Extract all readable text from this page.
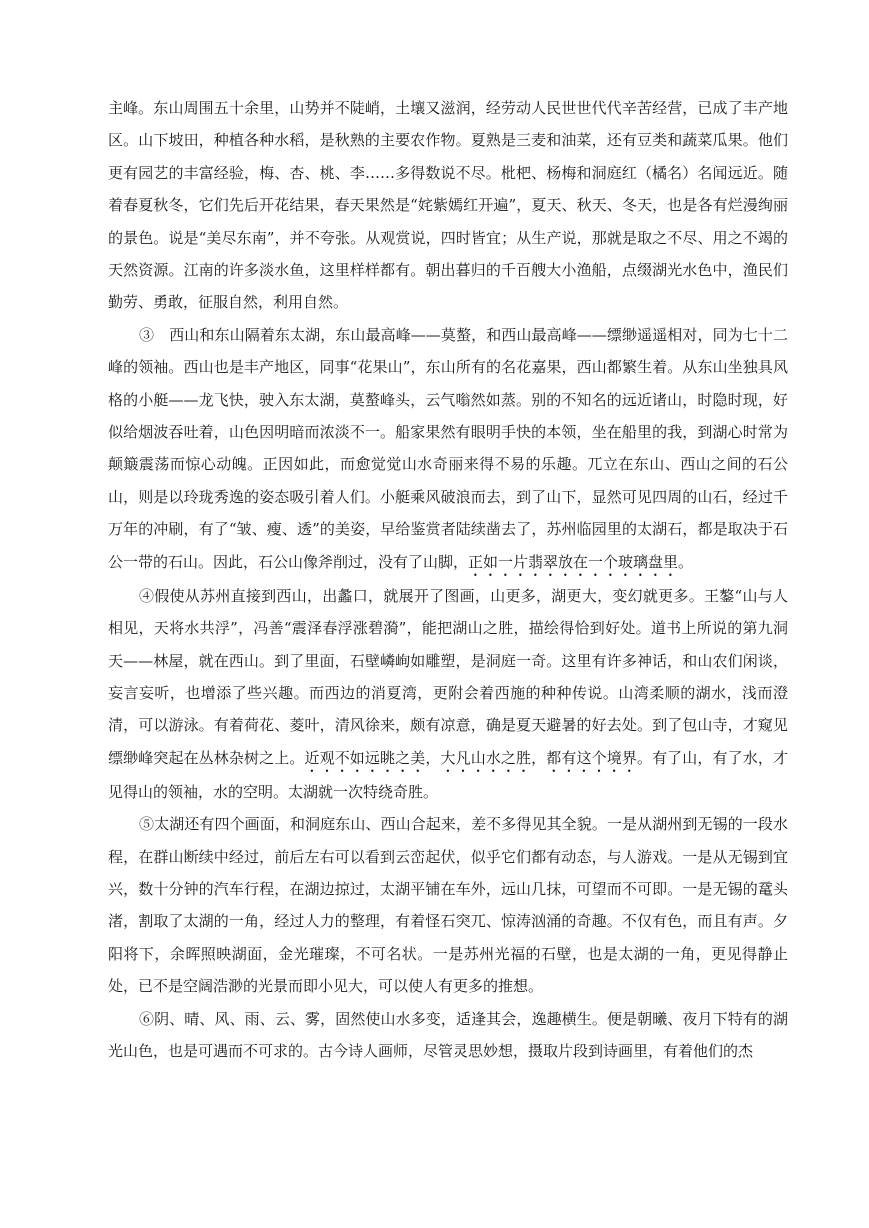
主峰。东山周围五十余里，山势并不陡峭，土壤又滋润，经劳动人民世世代代辛苦经营，已成了丰产地区。山下坡田，种植各种水稻，是秋熟的主要农作物。夏熟是三麦和油菜，还有豆类和蔬菜瓜果。他们更有园艺的丰富经验，梅、杏、桃、李……多得数说不尽。枇杷、杨梅和洞庭红（橘名）名闻远近。随着春夏秋冬，它们先后开花结果，春天果然是“姹紫嫣红开遍”，夏天、秋天、冬天，也是各有烂漫绚丽的景色。说是“美尽东南”，并不夸张。从观赏说，四时皆宜；从生产说，那就是取之不尽、用之不竭的天然资源。江南的许多淡水鱼，这里样样都有。朝出暮归的千百艘大小渔船，点缀湖光水色中，渔民们勤劳、勇敢，征服自然，利用自然。

③　西山和东山隔着东太湖，东山最高峰——莫螯，和西山最高峰——缥缈遥遥相对，同为七十二峰的领袖。西山也是丰产地区，同事“花果山”，东山所有的名花嘉果，西山都繁生着。从东山坐独具风格的小艇——龙飞快，驶入东太湖，莫螯峰头，云气嗡然如蒸。别的不知名的远近诸山，时隐时现，好似给烟波吞吐着，山色因明暗而浓淡不一。船家果然有眼明手快的本领，坐在船里的我，到湖心时常为颠簸震荡而惊心动魄。正因如此，而愈觉觉山水奇丽来得不易的乐趣。兀立在东山、西山之间的石公山，则是以玲珑秀逸的姿态吸引着人们。小艇乘风破浪而去，到了山下，显然可见四周的山石，经过千万年的冲刷，有了“皱、瘦、透”的美姿，早给鉴赏者陆续凿去了，苏州临园里的太湖石，都是取决于石公一带的石山。因此，石公山像斧削过，没有了山脚，正如一片翡翠放在一个玻璃盘里。

④假使从苏州直接到西山，出蠡口，就展开了图画，山更多，湖更大，变幻就更多。王鏊“山与人相见，天将水共浮”，冯善“震泽春浮涨碧漪”，能把湖山之胜，描绘得恰到好处。道书上所说的第九洞天——林屋，就在西山。到了里面，石壁嶙峋如雕塑，是洞庭一奇。这里有许多神话，和山农们闲谈，妄言妄听，也增添了些兴趣。而西边的消夏湾，更附会着西施的种种传说。山湾柔顺的湖水，浅而澄清，可以游泳。有着荷花、菱叶，清风徐来，颇有凉意，确是夏天避暑的好去处。到了包山寺，才窥见缥缈峰突起在丛林杂树之上。近观不如远眺之美，大凡山水之胜，都有这个境界。有了山，有了水，才见得山的领袖，水的空明。太湖就一次特绕奇胜。

⑤太湖还有四个画面，和洞庭东山、西山合起来，差不多得见其全貌。一是从湖州到无锡的一段水程，在群山断续中经过，前后左右可以看到云峦起伏，似乎它们都有动态，与人游戏。一是从无锡到宜兴，数十分钟的汽车行程，在湖边掠过，太湖平铺在车外，远山几抹，可望而不可即。一是无锡的鼋头渚，割取了太湖的一角，经过人力的整理，有着怪石突兀、惊涛汹涌的奇趣。不仅有色，而且有声。夕阳将下，余晖照映湖面，金光璀璨，不可名状。一是苏州光福的石壁，也是太湖的一角，更见得静止处，已不是空阔浩渺的光景而即小见大，可以使人有更多的推想。

⑥阴、晴、风、雨、云、雾，固然使山水多变，适逢其会，逸趣横生。便是朝曦、夜月下特有的湖光山色，也是可遇而不可求的。古今诗人画师，尽管灵思妙想，摄取片段到诗画里，有着他们的杰
